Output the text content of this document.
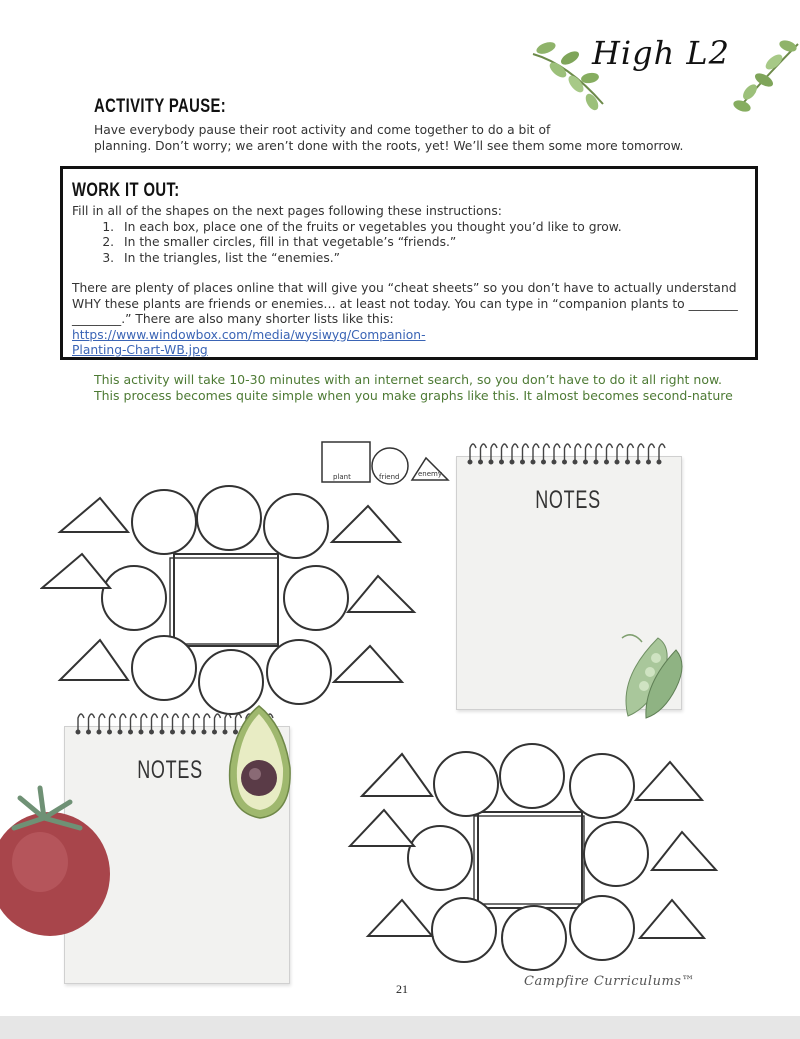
High L2
ACTIVITY PAUSE:
Have everybody pause their root activity and come together to do a bit of
planning. Don’t worry; we aren’t done with the roots, yet! We’ll see them some more tomorrow.
WORK IT OUT:
Fill in all of the shapes on the next pages following these instructions:
1. In each box, place one of the fruits or vegetables you thought you’d like to grow.
2. In the smaller circles, fill in that vegetable’s “friends.”
3. In the triangles, list the “enemies.”
There are plenty of places online that will give you “cheat sheets” so you don’t have to actually understand
WHY these plants are friends or enemies… at least not today. You can type in “companion plants to ________
________.” There are also many shorter lists like this: https://www.windowbox.com/media/wysiwyg/Companion-
Planting-Chart-WB.jpg
This activity will take 10-30 minutes with an internet search, so you don’t have to do it all right now.
This process becomes quite simple when you make graphs like this. It almost becomes second-nature
plant	friend	enemy
NOTES
NOTES
21	Campfire Curriculums™
